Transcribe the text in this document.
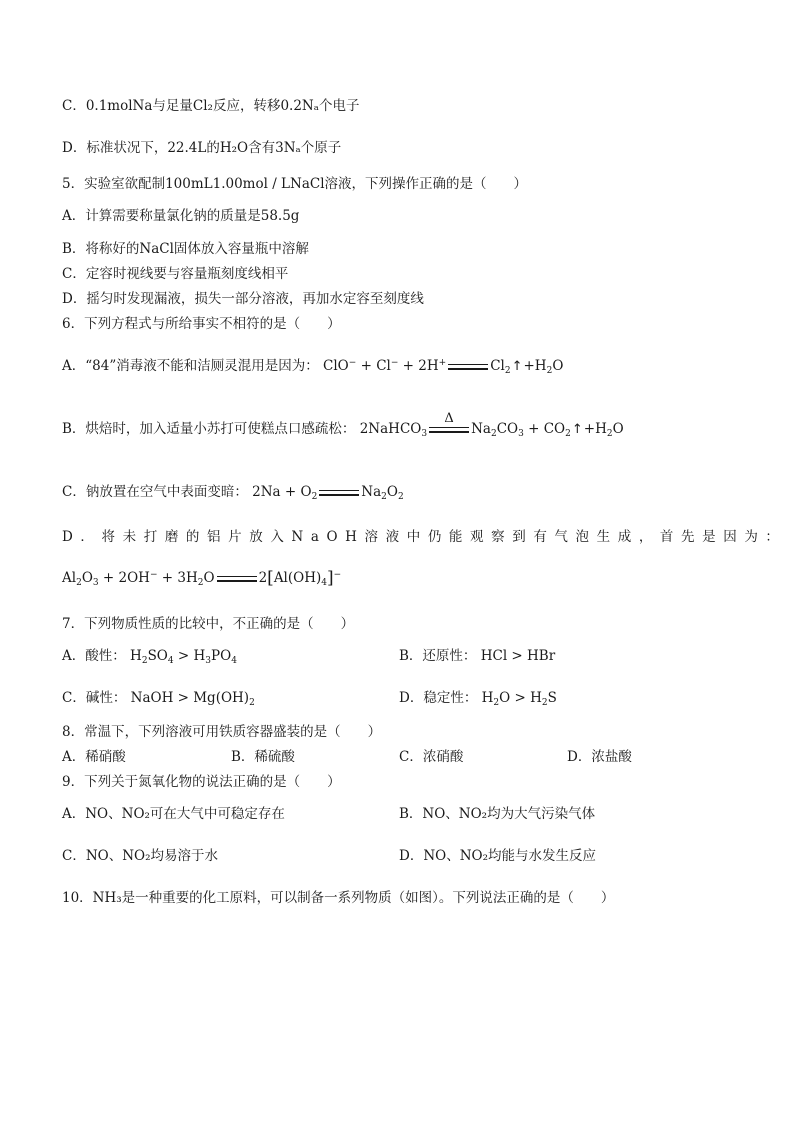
C．0.1molNa与足量Cl₂反应，转移0.2Nₐ个电子
D．标准状况下，22.4L的H₂O含有3Nₐ个原子
5．实验室欲配制100mL1.00mol / LNaCl溶液，下列操作正确的是（　　）
A．计算需要称量氯化钠的质量是58.5g
B．将称好的NaCl固体放入容量瓶中溶解
C．定容时视线要与容量瓶刻度线相平
D．摇匀时发现漏液，损失一部分溶液，再加水定容至刻度线
6．下列方程式与所给事实不相符的是（　　）
A．“84”消毒液不能和洁厕灵混用是因为： ClO− + Cl− + 2H+	$Cl_2↑+H_2O$
B．烘焙时，加入适量小苏打可使糕点口感疏松： 2NaHCO$_3$
Δ
$Na_2CO_3$ + $CO_2↑+H_2O$
C．钠放置在空气中表面变暗： $2Na + O_2$	$Na_2O_2$
D．将未打磨的铝片放入NaOH溶液中仍能观察到有气泡生成，首先是因为：
$Al_2O_3 + 2OH^- + 3H_2O$	$2[Al(OH)_4]^-$
7．下列物质性质的比较中，不正确的是（　　）
A．酸性： $H_2SO_4 > H_3PO_4$	B．还原性： HCl > HBr
C．碱性： NaOH > $Mg(OH)_2$	D．稳定性： $H_2O > H_2S$
8．常温下，下列溶液可用铁质容器盛装的是（　　）
A．稀硝酸	B．稀硫酸	C．浓硝酸	D．浓盐酸
9．下列关于氮氧化物的说法正确的是（　　）
A．NO、NO₂可在大气中可稳定存在	B．NO、NO₂均为大气污染气体
C．NO、NO₂均易溶于水	D．NO、NO₂均能与水发生反应
10．NH₃是一种重要的化工原料，可以制备一系列物质（如图）。下列说法正确的是（　　）
